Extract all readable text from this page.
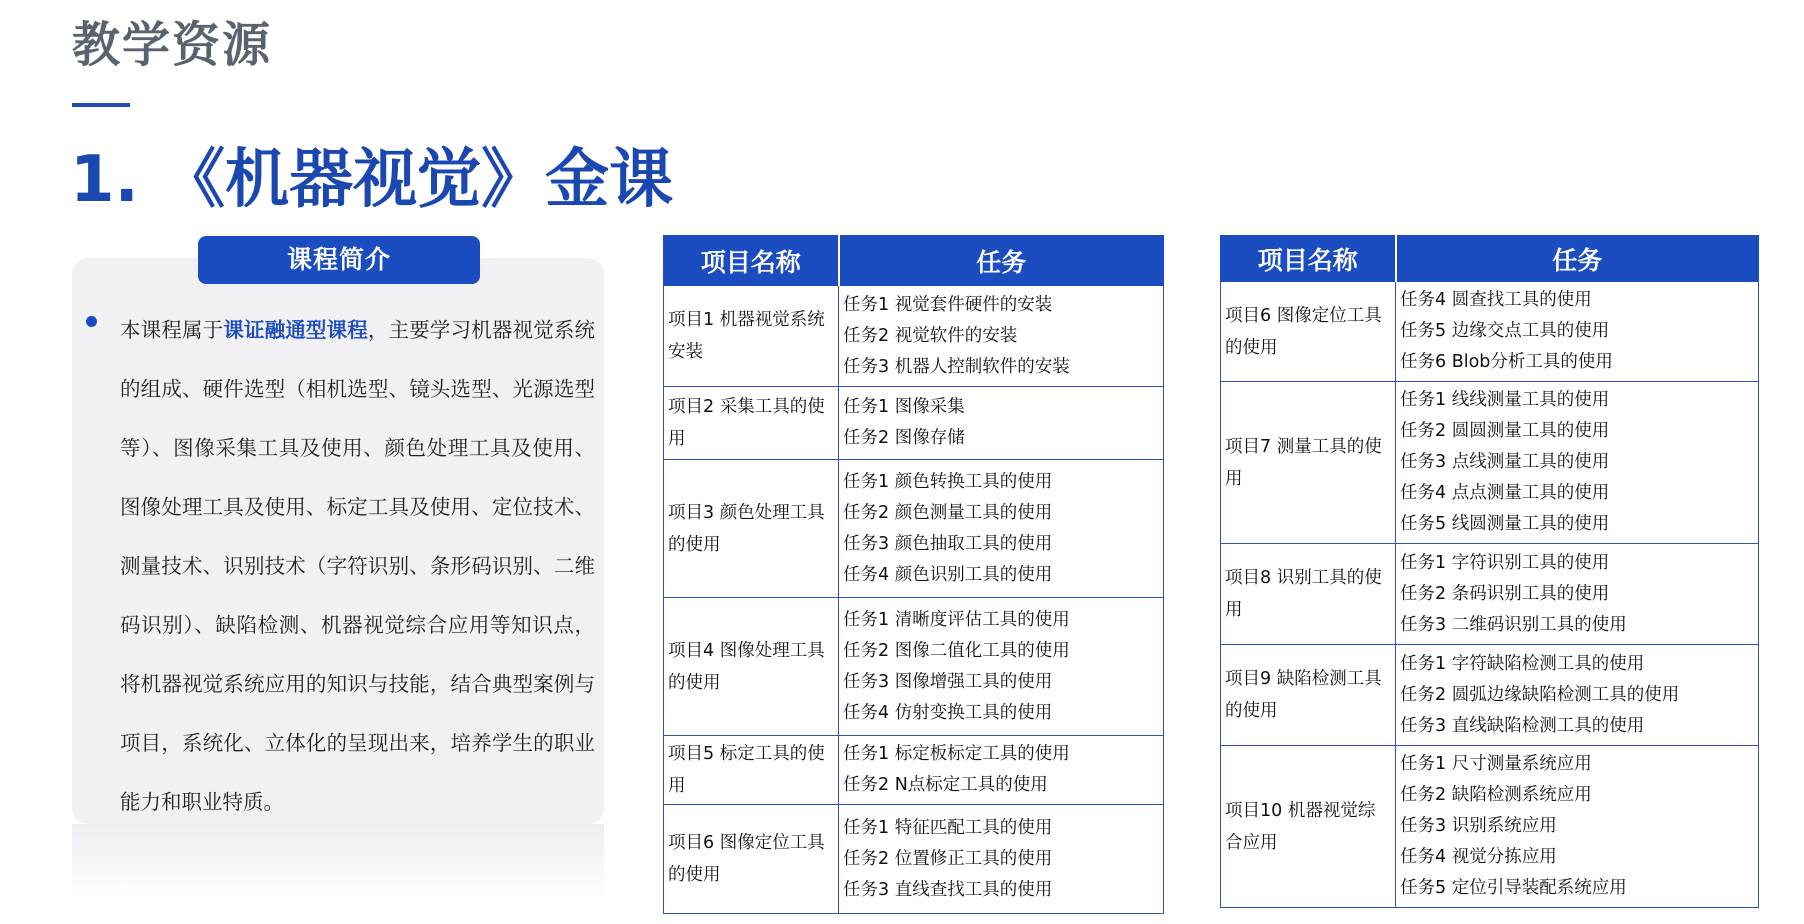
教学资源
1. 《机器视觉》金课
课程简介
本课程属于课证融通型课程，主要学习机器视觉系统的组成、硬件选型（相机选型、镜头选型、光源选型等）、图像采集工具及使用、颜色处理工具及使用、图像处理工具及使用、标定工具及使用、定位技术、测量技术、识别技术（字符识别、条形码识别、二维码识别）、缺陷检测、机器视觉综合应用等知识点，将机器视觉系统应用的知识与技能，结合典型案例与项目，系统化、立体化的呈现出来，培养学生的职业能力和职业特质。
项目名称	任务
项目1 机器视觉系统安装	任务1 视觉套件硬件的安装
任务2 视觉软件的安装
任务3 机器人控制软件的安装

项目2 采集工具的使用	任务1 图像采集
任务2 图像存储

项目3 颜色处理工具的使用	任务1 颜色转换工具的使用
任务2 颜色测量工具的使用
任务3 颜色抽取工具的使用
任务4 颜色识别工具的使用

项目4 图像处理工具的使用	任务1 清晰度评估工具的使用
任务2 图像二值化工具的使用
任务3 图像增强工具的使用
任务4 仿射变换工具的使用

项目5 标定工具的使用	任务1 标定板标定工具的使用
任务2 N点标定工具的使用

项目6 图像定位工具的使用	任务1 特征匹配工具的使用
任务2 位置修正工具的使用
任务3 直线查找工具的使用
项目名称	任务
项目6 图像定位工具的使用	任务4 圆查找工具的使用
任务5 边缘交点工具的使用
任务6 Blob分析工具的使用

项目7 测量工具的使用	任务1 线线测量工具的使用
任务2 圆圆测量工具的使用
任务3 点线测量工具的使用
任务4 点点测量工具的使用
任务5 线圆测量工具的使用

项目8 识别工具的使用	任务1 字符识别工具的使用
任务2 条码识别工具的使用
任务3 二维码识别工具的使用

项目9 缺陷检测工具的使用	任务1 字符缺陷检测工具的使用
任务2 圆弧边缘缺陷检测工具的使用
任务3 直线缺陷检测工具的使用

项目10 机器视觉综合应用	任务1 尺寸测量系统应用
任务2 缺陷检测系统应用
任务3 识别系统应用
任务4 视觉分拣应用
任务5 定位引导装配系统应用
